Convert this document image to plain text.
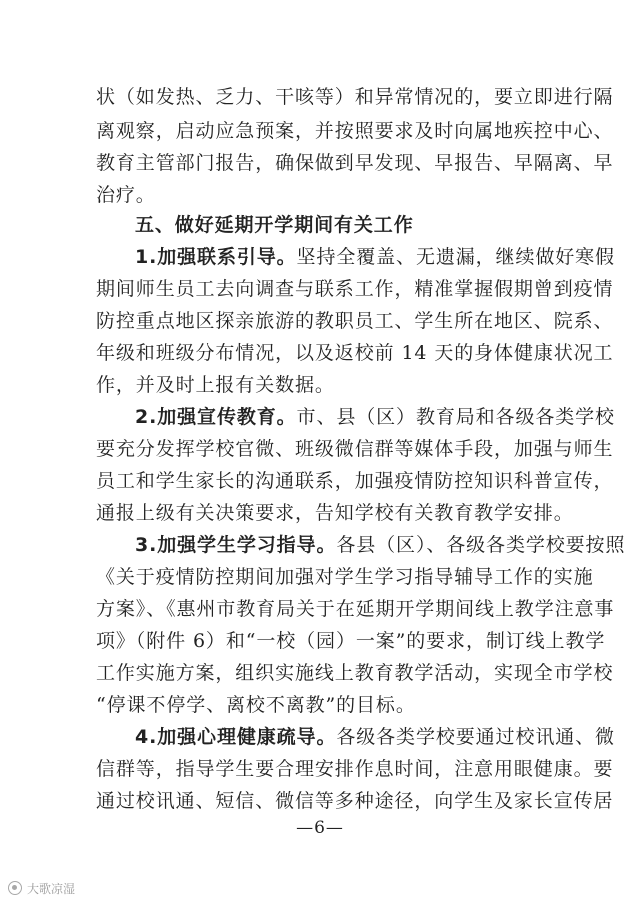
状（如发热、乏力、干咳等）和异常情况的，要立即进行隔
离观察，启动应急预案，并按照要求及时向属地疾控中心、
教育主管部门报告，确保做到早发现、早报告、早隔离、早
治疗。
五、做好延期开学期间有关工作
1.加强联系引导。坚持全覆盖、无遗漏，继续做好寒假
期间师生员工去向调查与联系工作，精准掌握假期曾到疫情
防控重点地区探亲旅游的教职员工、学生所在地区、院系、
年级和班级分布情况，以及返校前 14 天的身体健康状况工
作，并及时上报有关数据。
2.加强宣传教育。市、县（区）教育局和各级各类学校
要充分发挥学校官微、班级微信群等媒体手段，加强与师生
员工和学生家长的沟通联系，加强疫情防控知识科普宣传，
通报上级有关决策要求，告知学校有关教育教学安排。
3.加强学生学习指导。各县（区）、各级各类学校要按照
《关于疫情防控期间加强对学生学习指导辅导工作的实施
方案》、《惠州市教育局关于在延期开学期间线上教学注意事
项》（附件 6）和“一校（园）一案”的要求，制订线上教学
工作实施方案，组织实施线上教育教学活动，实现全市学校
“停课不停学、离校不离教”的目标。
4.加强心理健康疏导。各级各类学校要通过校讯通、微
信群等，指导学生要合理安排作息时间，注意用眼健康。要
通过校讯通、短信、微信等多种途径，向学生及家长宣传居
—6—
大歌凉湿
